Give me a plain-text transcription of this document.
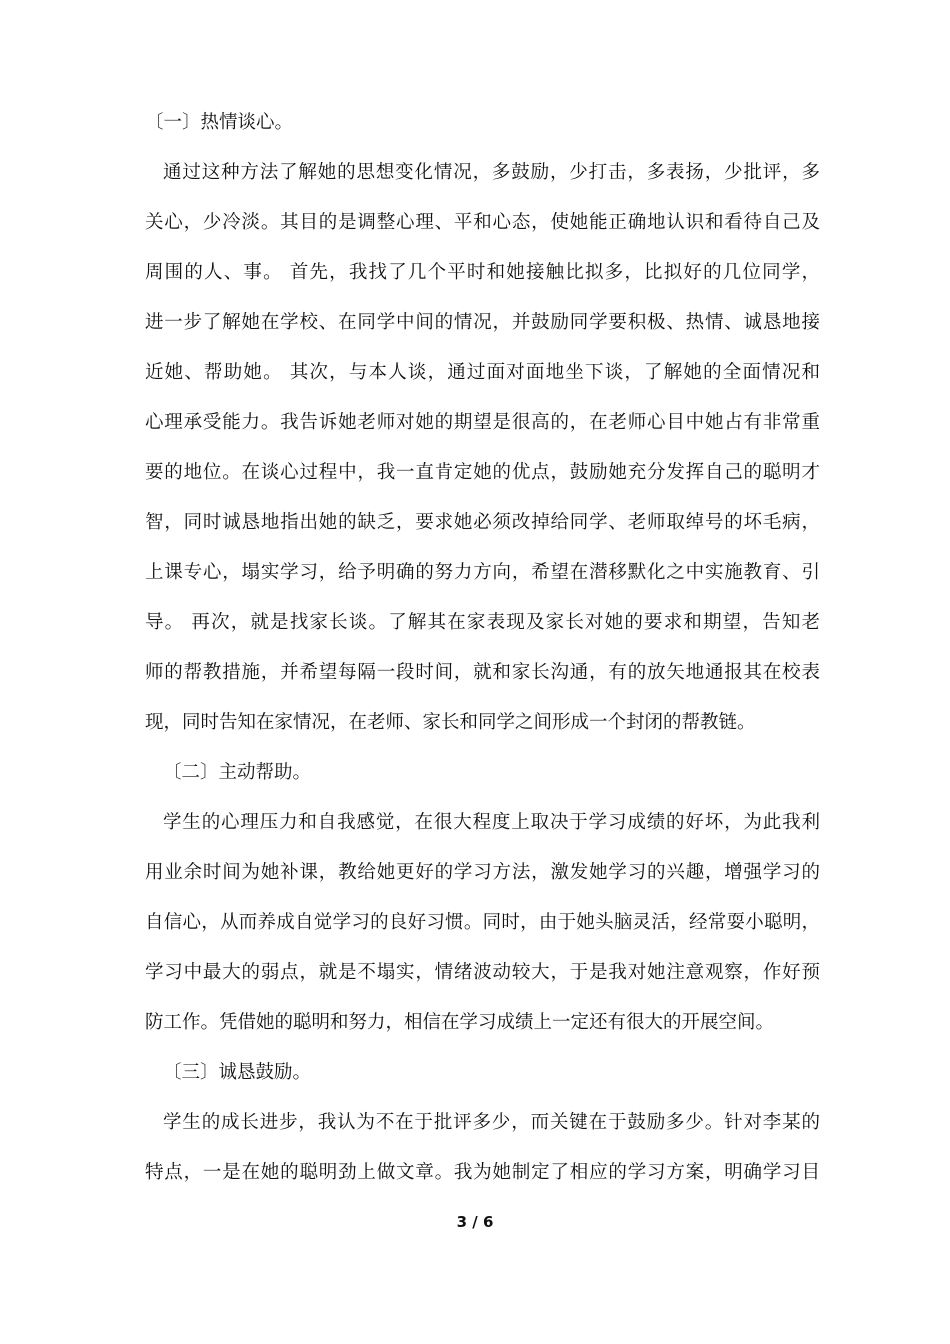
〔一〕热情谈心。
通过这种方法了解她的思想变化情况，多鼓励，少打击，多表扬，少批评，多
关心，少冷淡。其目的是调整心理、平和心态，使她能正确地认识和看待自己及
周围的人、事。 首先，我找了几个平时和她接触比拟多，比拟好的几位同学，
进一步了解她在学校、在同学中间的情况，并鼓励同学要积极、热情、诚恳地接
近她、帮助她。 其次，与本人谈，通过面对面地坐下谈，了解她的全面情况和
心理承受能力。我告诉她老师对她的期望是很高的，在老师心目中她占有非常重
要的地位。在谈心过程中，我一直肯定她的优点，鼓励她充分发挥自己的聪明才
智，同时诚恳地指出她的缺乏，要求她必须改掉给同学、老师取绰号的坏毛病，
上课专心，塌实学习，给予明确的努力方向，希望在潜移默化之中实施教育、引
导。 再次，就是找家长谈。了解其在家表现及家长对她的要求和期望，告知老
师的帮教措施，并希望每隔一段时间，就和家长沟通，有的放矢地通报其在校表
现，同时告知在家情况，在老师、家长和同学之间形成一个封闭的帮教链。
〔二〕主动帮助。
学生的心理压力和自我感觉，在很大程度上取决于学习成绩的好坏，为此我利
用业余时间为她补课，教给她更好的学习方法，激发她学习的兴趣，增强学习的
自信心，从而养成自觉学习的良好习惯。同时，由于她头脑灵活，经常耍小聪明，
学习中最大的弱点，就是不塌实，情绪波动较大，于是我对她注意观察，作好预
防工作。凭借她的聪明和努力，相信在学习成绩上一定还有很大的开展空间。
〔三〕诚恳鼓励。
学生的成长进步，我认为不在于批评多少，而关键在于鼓励多少。针对李某的
特点，一是在她的聪明劲上做文章。我为她制定了相应的学习方案，明确学习目
3 / 6
